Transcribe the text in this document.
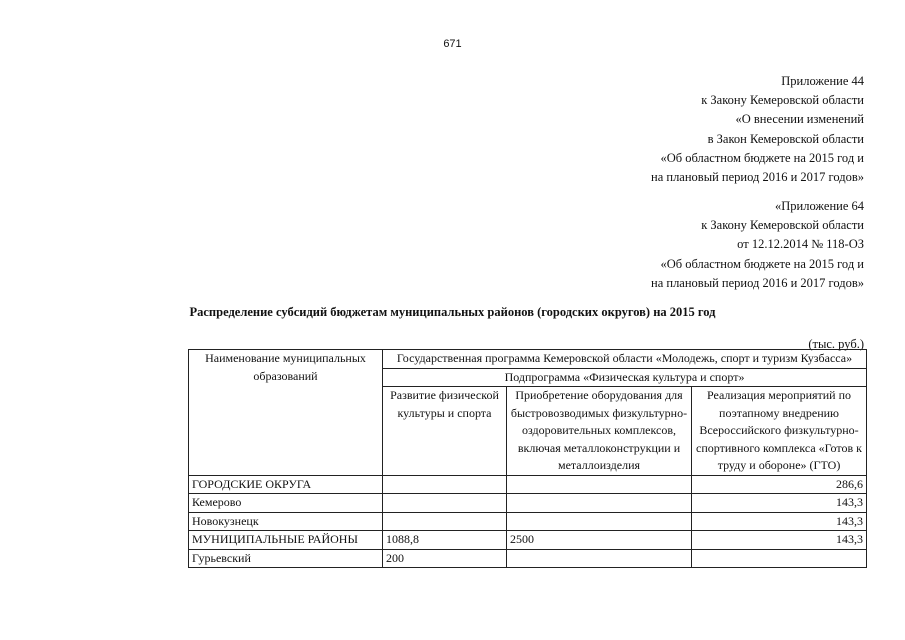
671
Приложение 44
к Закону Кемеровской области
«О внесении изменений
в Закон Кемеровской области
«Об областном бюджете на 2015 год и
на плановый период 2016 и 2017 годов»
«Приложение 64
к Закону Кемеровской области
от 12.12.2014 № 118-ОЗ
«Об областном бюджете на 2015 год и
на плановый период 2016 и 2017 годов»
Распределение субсидий бюджетам муниципальных районов (городских округов) на 2015 год
(тыс. руб.)
Наименование муниципальных образований	Государственная программа Кемеровской области «Молодежь, спорт и туризм Кузбасса»		
	Подпрограмма «Физическая культура и спорт»		
	Развитие физической культуры и спорта	Приобретение оборудования для быстровозводимых физкультурно-оздоровительных комплексов, включая металлоконструкции и металлоизделия	Реализация мероприятий по поэтапному внедрению Всероссийского физкультурно-спортивного комплекса «Готов к труду и обороне» (ГТО)
ГОРОДСКИЕ ОКРУГА			286,6
Кемерово			143,3
Новокузнецк			143,3
МУНИЦИПАЛЬНЫЕ РАЙОНЫ	1088,8	2500	143,3
Гурьевский	200		
